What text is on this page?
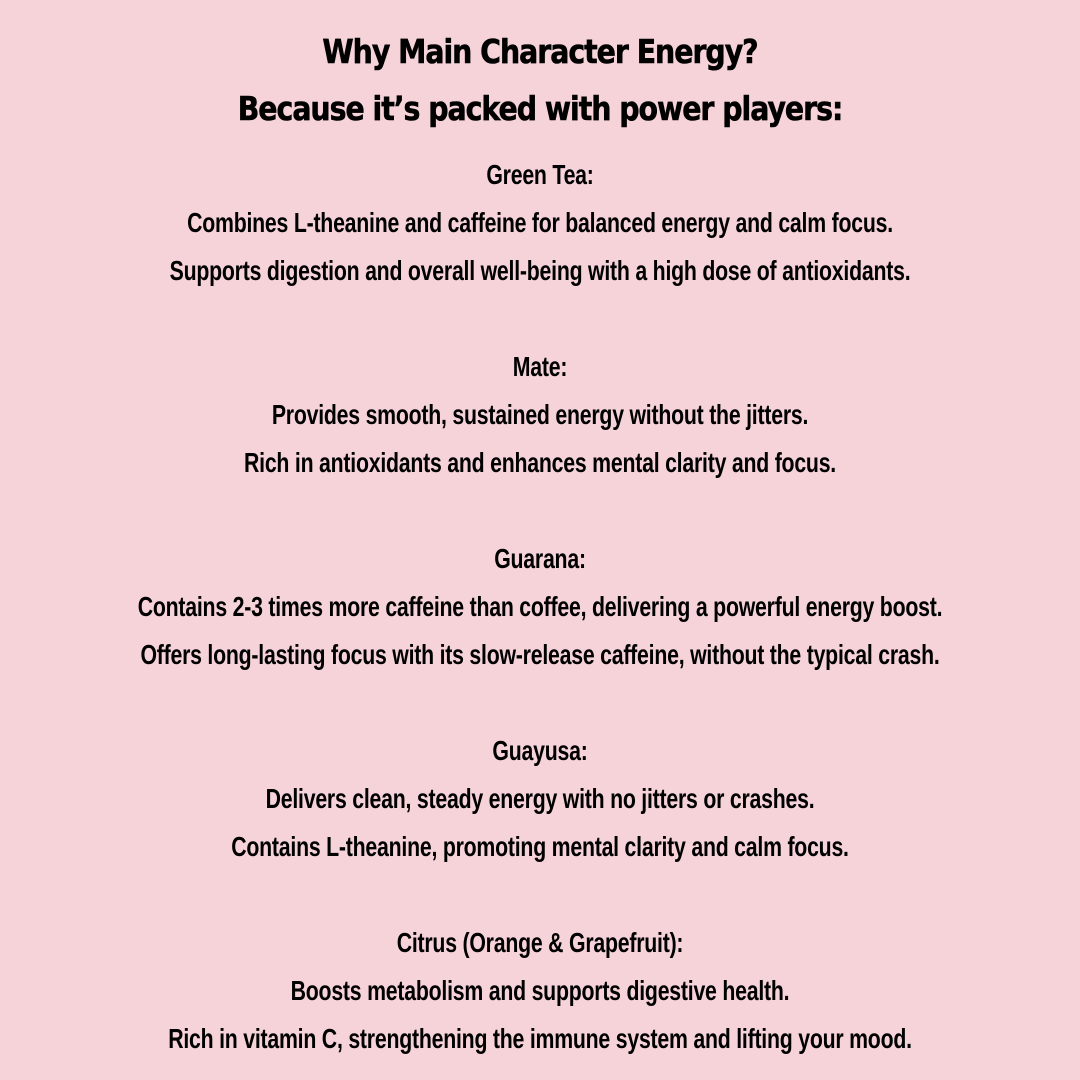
Why Main Character Energy?
Because it’s packed with power players:
Green Tea:
Combines L-theanine and caffeine for balanced energy and calm focus.
Supports digestion and overall well-being with a high dose of antioxidants.
Mate:
Provides smooth, sustained energy without the jitters.
Rich in antioxidants and enhances mental clarity and focus.
Guarana:
Contains 2-3 times more caffeine than coffee, delivering a powerful energy boost.
Offers long-lasting focus with its slow-release caffeine, without the typical crash.
Guayusa:
Delivers clean, steady energy with no jitters or crashes.
Contains L-theanine, promoting mental clarity and calm focus.
Citrus (Orange & Grapefruit):
Boosts metabolism and supports digestive health.
Rich in vitamin C, strengthening the immune system and lifting your mood.
